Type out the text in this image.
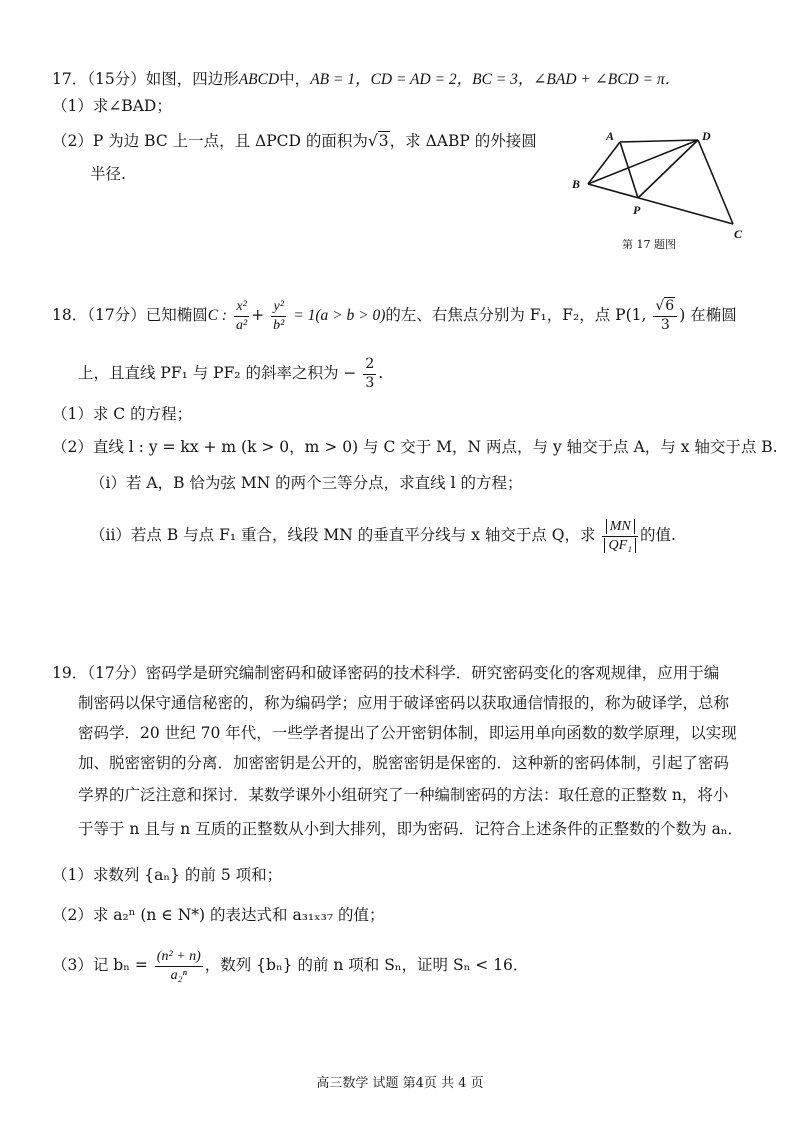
17．（15分）如图，四边形ABCD中，AB = 1，CD = AD = 2，BC = 3，∠BAD + ∠BCD = π．
（1）求∠BAD；
（2）P 为边 BC 上一点，且 ΔPCD 的面积为√3，求 ΔABP 的外接圆
半径.
A	D
B
P
C
第 17 题图
18．（17分）已知椭圆C : $\frac{\text{x²}}{\text{a²}} + \frac{\text{y²}}{\text{b²}} = 1(a > b > 0)$的左、右焦点分别为 F₁，F₂，点 P(1, $\frac{√6}{3}$ ) 在椭圆
上，且直线 PF₁ 与 PF₂ 的斜率之积为 − $\frac{2}{3}$ .
（1）求 C 的方程；
（2）直线 l : y = kx + m (k > 0，m > 0) 与 C 交于 M，N 两点，与 y 轴交于点 A，与 x 轴交于点 B.
（i）若 A，B 恰为弦 MN 的两个三等分点，求直线 l 的方程；
（ii）若点 B 与点 F₁ 重合，线段 MN 的垂直平分线与 x 轴交于点 Q，求 $\frac{MN}{\text{QF₁}}$ 的值.
19．（17分）密码学是研究编制密码和破译密码的技术科学．研究密码变化的客观规律，应用于编
制密码以保守通信秘密的，称为编码学；应用于破译密码以获取通信情报的，称为破译学，总称
密码学．20 世纪 70 年代，一些学者提出了公开密钥体制，即运用单向函数的数学原理，以实现
加、脱密密钥的分离．加密密钥是公开的，脱密密钥是保密的．这种新的密码体制，引起了密码
学界的广泛注意和探讨．某数学课外小组研究了一种编制密码的方法：取任意的正整数 n，将小
于等于 n 且与 n 互质的正整数从小到大排列，即为密码．记符合上述条件的正整数的个数为 aₙ．
（1）求数列 {aₙ} 的前 5 项和；
（2）求 a₂ⁿ (n ∈ N*) 的表达式和 a₃₁ₓ₃₇ 的值；
（3）记 $b_n = \frac{\text{(n² + n)}}{\text{a₂ⁿ}}$ ，数列 {bₙ} 的前 n 项和 Sₙ，证明 Sₙ < 16．
高三数学 试题 第4页 共 4 页
